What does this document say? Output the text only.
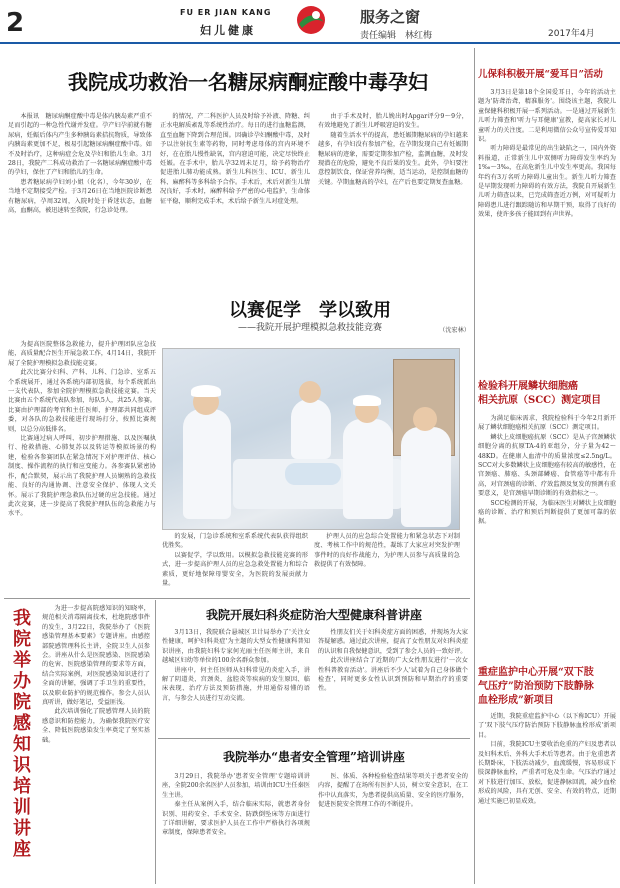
2	FU ER JIAN KANG
妇儿健康
服务之窗
责任编辑　林红梅	2017年4月
我院成功救治一名糖尿病酮症酸中毒孕妇

本报讯　糖尿病酮症酸中毒是体内胰岛素严重不足而引起的一种急性代谢并发症。孕产妇孕前就有糖尿病，妊娠后体内产生多种胰岛素拮抗物质，导致体内胰岛素更加不足，极易引起糖尿病酮症酸中毒。如不及时治疗，这种病症会危及孕妇和胎儿生命。3月28日，我院产二科成功救治了一名糖尿病酮症酸中毒的孕妇，保住了产妇和胎儿的生命。

患者糖尿病孕妇刘小姐（化名），今年30岁，在当地不定期接受产检。于3月26日在当地医院诊断患有糖尿病，孕周32周，入院时处于昏迷状态，血糖高，血酮高，被迅速转至我院，行急诊处理。

的情况，产二科医护人员及时给予补液、降糖、纠正水电解质紊乱等系统性治疗。每日的进行血糖监测，直至血糖下降到合理范围。因确诊孕妇酮酸中毒，及时予以注射抗生素等药物，同时考虑母体的宫内环境不好，在在胎儿慢性缺氧，宫内窘迫可能，决定尽快终止妊娠。在手术中，胎儿孕32周未足月，给予药物治疗促进胎儿肺功能成熟。新生儿科医生、ICU、新生儿科、麻醉科等多科给予合作。手术后，术后对新生儿情况良好，手术时，麻醉科给予严密的心电监护，生命体征平稳，顺利完成手术，术后给予新生儿对症处理。

由于手术及时，胎儿娩出时Apgar评分9～9分，有效地避免了新生儿呼吸窘迫的发生。

随着生活水平的提高，患妊娠期糖尿病的孕妇越来越多，有孕妇没有参加产检，在孕期发现自己有妊娠期糖尿病的迹象，需要定期参加产检，监测血糖，及时发现潜在的危险，避免不良后果的发生。此外，孕妇要注意控制饮食，保证营养均衡，适当运动，是控制血糖的关键。孕期血糖高的孕妇，在产后也要定期复查血糖。

（沈宏林）
以赛促学　学以致用
——我院开展护理模拟急救技能竞赛

为提高医院整体急救能力，提升护理团队应急技能，高质量配合医生开展急救工作，4月14日，我院开展了全院护理模拟急救技能竞赛。

此次比赛分妇科、产科、儿科、门急诊、室系五个系统展开，通过各系统内部初选拔，每个系统派出一支代表队，参加全院护理模拟急救技能竞赛。当天比赛由五个系统代表队参加，每队5人，共25人参赛。比赛由护理部的考官和主任医师、护理部共同组成评委，对各队的急救技能进行现场打分，按照比赛规则，以总分高低排名。

比赛通过病人呼叫、初步护理措施、以及医嘱执行、抢救措施、心肺复苏以及转运等模拟场景的构建，检验各参赛团队在紧急情况下对护理评估、核心制度、操作流程的执行和应变能力。各参赛队紧密协作，配合默契，展示出了我院护理人员娴熟的急救技能、良好的沟通协调、注意安全保护、体现人文关怀。展示了我院护理急救队伍过硬的应急技能。通过此次竞赛，进一步提高了我院护理队伍的急救能力与水平。

的发展，门急诊系统和室系系统代表队获得组织优胜奖。

以赛促学，学以致用。以模拟急救技能竞赛的形式，进一步提高护理人员的应急急救处置能力和综合素质，更好地保障母婴安全，为医院的发展贡献力量。

护理人员的应急综合处置能力和紧急状态下对制度、考核工作中的规范性，凝练了大家应对突发护理事件时的良好作战能力，为护理人员参与高质量的急救提供了有效保障。

我
院
举
办
院
感
知
识
培
训
讲
座

为进一步提高院感知识的知晓率，规范相关消毒隔离技术，杜绝院感事件的发生，3月22日，我院举办了《医院感染管理基本要素》专题讲座。由感控部院感管理科长主讲，全院卫生人员参会。讲座从什么是医院感染、医院感染的危害、医院感染管理的要求等方面，结合实际案例，对医院感染知识进行了全面的讲解，强调了手卫生的重要性，以及职业防护的规范操作。参会人员认真听讲，做好笔记，受益匪浅。

此次培训强化了院感管理人员的院感意识和防控能力，为确保我院医疗安全、降低医院感染发生率奠定了坚实基础。

我院开展妇科炎症防治大型健康科普讲座

3月13日，我院联合悬城区卫计局举办了'关注女性健康，呵护妇科炎症'为主题的大型女性健康科普知识讲座，由我院妇科专家何光丽主任医师主讲，来自越城区妇幼等单位的100余名群众参加。

讲座中，何主任医师从妇科常见的炎症入手，讲解了阴道炎、宫颈炎、盆腔炎等疾病的发生原因、临床表现、治疗方法及预防措施，并用通俗易懂的语言，与参会人员进行互动交流。

性朋友们关于妇科炎症方面的困惑，并现场为大家答疑解惑。通过此次讲座，提高了女性朋友对妇科炎症的认识和自我保健意识，受到了参会人员的一致好评。

此次讲座结合了近期的广大女性朋友进行'一次女性科普教育活动'。讲座后不少人'试着为自己身体做个检查'，同时更多女性认识到预防和早期治疗的重要性。

我院举办“患者安全管理”培训讲座

3月29日，我院举办'患者安全管理'专题培训讲座，全院200余名医护人员参加，培训由ICU主任秦医生主讲。

秦主任从案例入手，结合临床实际，就患者身份识别、用药安全、手术安全、防跌倒坠床等方面进行了详细讲解，要求医护人员在工作中严格执行各项规章制度，保障患者安全。

医、体质、各种检验检查结果等项关于患者安全的内容，提醒了在场所有医护人员，树立安全意识，在工作中认真落实，为患者提供高质量、安全的医疗服务，促进医院安全管理工作的不断提升。

儿保科积极开展“爱耳日”活动

3月3日是第18个全国爱耳日，今年的活动主题为'防聋治聋，精准服务'。围绕该主题，我院儿童保健科积极开展一系列活动。一是通过开展新生儿听力筛查和'听力与耳健康'宣教，提高家长对儿童听力的关注度。二是利用微信公众号宣传爱耳知识。

听力障碍是最常见的出生缺陷之一，国内外资料报道，正常新生儿中双侧听力障碍发生率约为1‰～3‰，在高危新生儿中发生率更高。我国每年约有3万名听力障碍儿童出生。新生儿听力筛查是早期发现听力障碍的有效方法，我院自开展新生儿听力筛查以来，已完成筛查近万例，对可疑听力障碍患儿进行跟踪随访和早期干预，取得了良好的效果，使许多孩子能回到有声世界。

检验科开展鳞状细胞癌
相关抗原（SCC）测定项目

为满足临床需求，我院检验科于今年2月新开展了鳞状细胞癌相关抗原（SCC）测定项目。

鳞状上皮细胞癌抗原（SCC）是从子宫颈鳞状细胞分离的抗原TA-4的亚组分，分子量为42～48KD。在健康人血清中的质量浓度≤2.5ng/L。SCC对大多数鳞状上皮细胞癌有较高的敏感性，在宫颈癌、肺癌、头颈部鳞癌、食管癌等中都有升高，对宫颈癌的诊断、疗效监测及复发的预测有重要意义，是宫颈癌早期诊断的有效指标之一。

SCC检测的开展，为临床医生对鳞状上皮细胞癌的诊断、治疗和预后判断提供了更加可靠的依据。

重症监护中心开展“双下肢
气压疗”防治预防下肢静脉
血栓形成”新项目

近期，我院重症监护中心（以下称ICU）开展了'双下肢气压疗防治预防下肢静脉血栓形成'新项目。

目前，我院ICU主要收治危重的产妇及患者以及妇科术后、外科大手术后等患者。由于危重患者长期卧床，下肢活动减少，血流缓慢，容易形成下肢深静脉血栓，严重者可危及生命。气压治疗通过对下肢进行加压、放松，促进静脉回流，减少血栓形成的风险，具有无创、安全、有效的特点，近期通过实施已初显成效。
